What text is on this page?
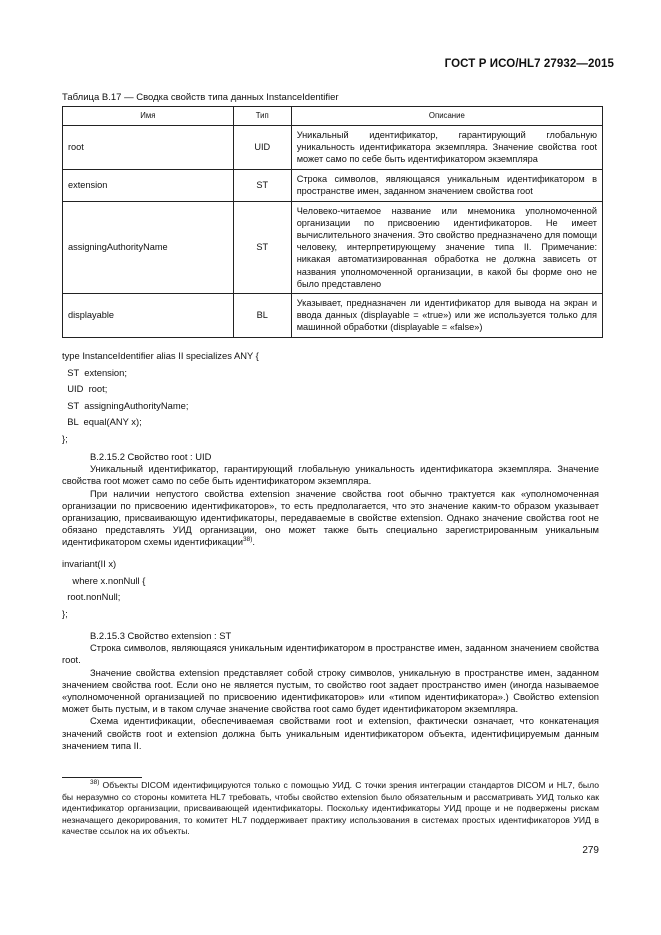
ГОСТ Р ИСО/HL7 27932—2015
Таблица В.17 — Сводка свойств типа данных InstanceIdentifier
Имя	Тип	Описание
root	UID	Уникальный идентификатор, гарантирующий глобальную уникальность идентификатора экземпляра. Значение свойства root может само по себе быть идентификатором экземпляра
extension	ST	Строка символов, являющаяся уникальным идентификатором в пространстве имен, заданном значением свойства root
assigningAuthorityName	ST	Человеко-читаемое название или мнемоника уполномоченной организации по присвоению идентификаторов. Не имеет вычислительного значения. Это свойство предназначено для помощи человеку, интерпретирующему значение типа II. Примечание: никакая автоматизированная обработка не должна зависеть от названия уполномоченной организации, в какой бы форме оно не было представлено
displayable	BL	Указывает, предназначен ли идентификатор для вывода на экран и ввода данных (displayable = «true») или же используется только для машинной обработки (displayable = «false»)
type InstanceIdentifier alias II specializes ANY {
ST  extension;
UID  root;
ST  assigningAuthorityName;
BL  equal(ANY x);
};
B.2.15.2 Свойство root : UID

Уникальный идентификатор, гарантирующий глобальную уникальность идентификатора экземпляра. Значение свойства root может само по себе быть идентификатором экземпляра.

При наличии непустого свойства extension значение свойства root обычно трактуется как «уполномоченная организации по присвоению идентификаторов», то есть предполагается, что это значение каким-то образом указывает организацию, присваивающую идентификаторы, передаваемые в свойстве extension. Однако значение свойства root не обязано представлять УИД организации, оно может также быть специально зарегистрированным уникальным идентификатором схемы идентификации$^{38)}$.

invariant(II x)
where x.nonNull {
root.nonNull;
};
B.2.15.3 Свойство extension : ST

Строка символов, являющаяся уникальным идентификатором в пространстве имен, заданном значением свойства root.

Значение свойства extension представляет собой строку символов, уникальную в пространстве имен, заданном значением свойства root. Если оно не является пустым, то свойство root задает пространство имен (иногда называемое «уполномоченной организацией по присвоению идентификаторов» или «типом идентификатора».) Свойство extension может быть пустым, и в таком случае значение свойства root само будет идентификатором экземпляра.

Схема идентификации, обеспечиваемая свойствами root и extension, фактически означает, что конкатенация значений свойств root и extension должна быть уникальным идентификатором объекта, идентифицируемым данным значением типа II.

$^{38)}$ Объекты DICOM идентифицируются только с помощью УИД. С точки зрения интеграции стандартов DICOM и HL7, было бы неразумно со стороны комитета HL7 требовать, чтобы свойство extension было обязательным и рассматривать УИД только как идентификатор организации, присваивающей идентификаторы. Поскольку идентификаторы УИД проще и не подвержены рискам незначащего декорирования, то комитет HL7 поддерживает практику использования в системах простых идентификаторов УИД в качестве ссылок на их объекты.

279
